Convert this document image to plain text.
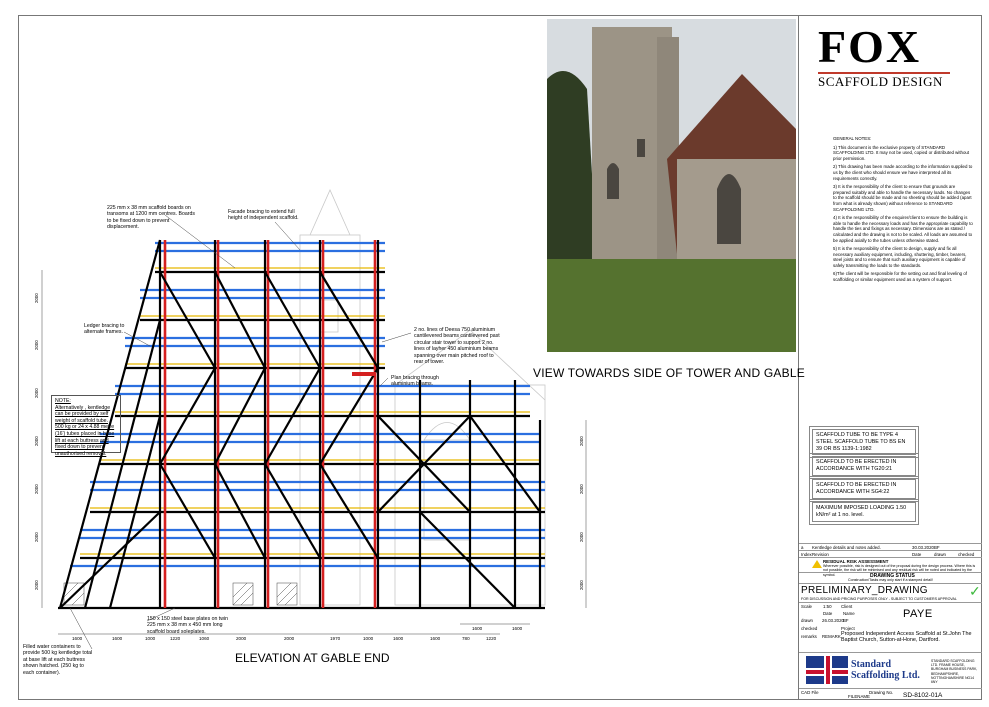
VIEW TOWARDS SIDE OF TOWER AND GABLE
ELEVATION AT GABLE END
225 mm x 38 mm scaffold boards on transoms at 1200 mm centres. Boards to be fixed down to prevent displacement.
Facade bracing to extend full height of independent scaffold.
Ledger bracing to alternate frames.	2 no. lines of Deesa 750 aluminium cantilevered beams cantilevered past circular stair tower to support 2 no. lines of layher 450 aluminium beams spanning over main pitched roof to rear of tower.
Plan bracing through aluminium beams.
150 x 150 steel base plates on twin 225 mm x 38 mm x 450 mm long scaffold board soleplates.
Filled water containers to provide 500 kg kentledge total at base lift at each buttress shown hatched. (250 kg to each container).
NOTE:
Alternatively , kentledge can be provided by self weight of scaffold tube. 500 kg or 24 x 4.88 metre (16') tubes placed in base lift at each buttress and fixed down to prevent unauthorised removal.
1600	1600	1000	1220	1060	2000	2000	1970	1000	1600	1600	780	1220
1600	1600
2000
2000
2000
2000
2000
2000
2000
2000
2000
2000
2000
FOX
SCAFFOLD DESIGN

GENERAL NOTES:

1) This document is the exclusive property of STANDARD SCAFFOLDING LTD. It may not be used, copied or distributed without prior permission.

2) This drawing has been made according to the information supplied to us by the client who should ensure we have interpreted all its requirements correctly.

3) It is the responsibility of the client to ensure that grounds are prepared suitably and able to handle the necessary loads. No changes to the scaffold should be made and no sheeting should be added (apart from what is already shown) without reference to STANDARD SCAFFOLDING LTD.

4) It is the responsibility of the enquirer/client to ensure the building is able to handle the necessary loads and has the appropriate capability to handle the ties and fixings as necessary. Dimensions are as stated / calculated and the drawing is not to be scaled. All loads are assumed to be applied axially to the tubes unless otherwise stated.

5) It is the responsibility of the client to design, supply and fix all necessary auxiliary equipment, including, shuttering, timber, bearers, steel joists and to ensure that such auxiliary equipment is capable of safely transmitting the loads to the standards.

6)The client will be responsible for the setting out and final leveling of scaffolding or similar equipment used as a system of support.

SCAFFOLD TUBE TO BE TYPE 4 STEEL SCAFFOLD TUBE TO BS EN 39 OR BS 1139-1:1982
SCAFFOLD TO BE ERECTED IN ACCORDANCE WITH TG20:21
SCAFFOLD TO BE ERECTED IN ACCORDANCE WITH SG4:22
MAXIMUM IMPOSED LOADING 1.50 kN/m² at 1 no. level.
a Kentledge details and notes added.	30.03.2020 BF
Index Revision	Date	drawn	checked
RESIDUAL RISK ASSESSMENT
Wherever possible, risk is designed out of the proposal during the design process. Where this is not possible, the risk will be minimised and any residual risk will be noted and indicated by the symbol.	DRAWING STATUS
Construction/Tasks may only start if a stamped detail!
PRELIMINARY_DRAWING	✓
FOR DISCUSSION AND PRICING PURPOSES ONLY - SUBJECT TO CUSTOMERS APPROVAL
Scale	1:50 Client
PAYE
Date Name
drawn 26.03.2020 BF
checked	Project
Proposed Independent Access Scaffold at St.John The Baptist Church, Sutton-at-Hone, Dartford.
remarks REMARK
Standard Scaffolding Ltd.
STANDARD SCAFFOLDING LTD. FRAME HOUSE, BURGHAM BUSINESS PARK, BEDHAMPSHIRE, NOTTINGHAMSHIRE NG14 6NY
CAD File
FILENAME
Drawing No. SD-8102-01A
